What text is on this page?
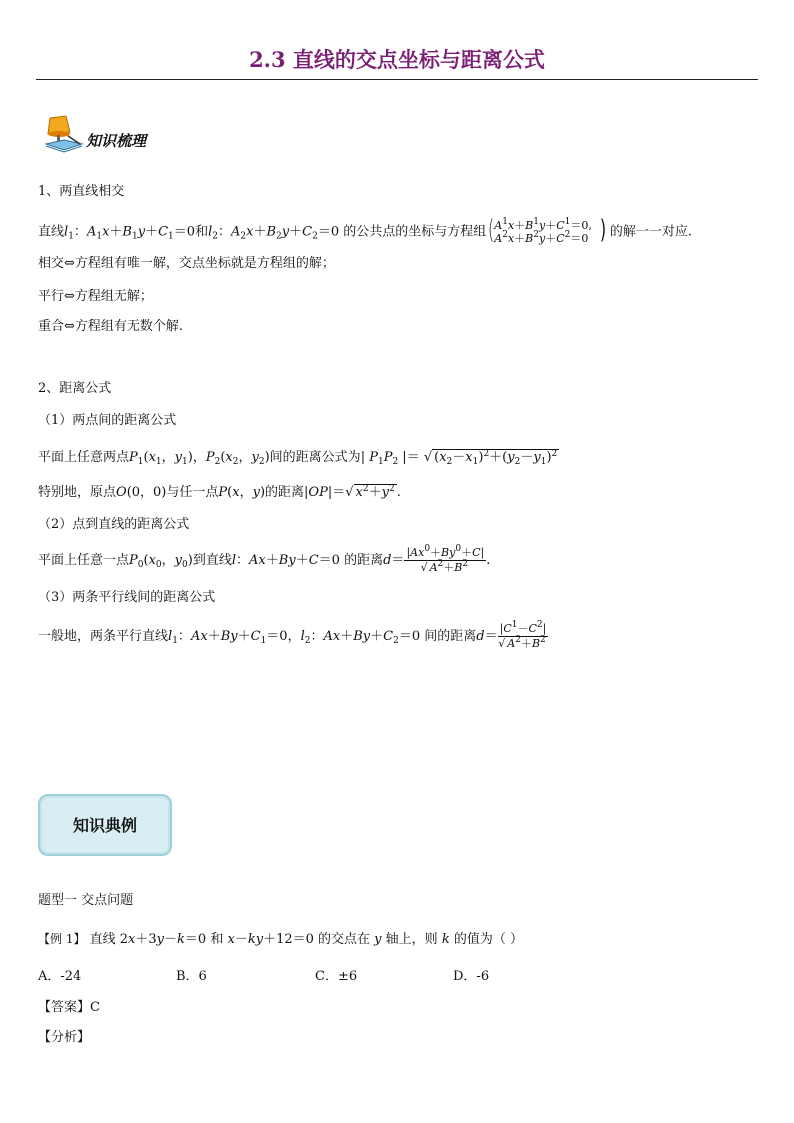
2.3 直线的交点坐标与距离公式
知识梳理
1、两直线相交
直线$l_1$：$A_1x+B_1y+C_1=0$和$l_2$：$A_2x+B_2y+C_2=0$ 的公共点的坐标与方程组 ( $A^1x+B^1y+C^1=0$,
$A^2x+B^2y+C^2=0$ ) 的解一一对应.
相交⇔方程组有唯一解，交点坐标就是方程组的解；
平行⇔方程组无解；
重合⇔方程组有无数个解.
2、距离公式
（1）两点间的距离公式
平面上任意两点$P_1(x_1$，$y_1$)，$P_2(x_2$，$y_2$)间的距离公式为| $P_1P_2$ |＝ √ $(x_2-x_1)^2+(y_2-y_1)^2$
特别地，原点O(0，0)与任一点P(x，y)的距离|OP|＝√ $x^2+y^2$ .
（2）点到直线的距离公式
平面上任意一点$P_0(x_0$，$y_0$)到直线l：Ax＋By＋C＝0 的距离$d= \frac{|Ax^0+By^0+C|}{√ A^2+B^2}$ .
（3）两条平行线间的距离公式
一般地，两条平行直线$l_1$：$Ax+By+C_1=0$，$l_2$：$Ax+By+C_2=0$ 间的距离$d= \frac{|C^1-C^2|}{√ A^2+B^2}$
知识典例
题型一 交点问题
【例 1】 直线 2x＋3y－k＝0 和 x－ky＋12＝0 的交点在 y 轴上，则 k 的值为（ ）
A．-24	B．6	C．±6	D．-6
【答案】C
【分析】
